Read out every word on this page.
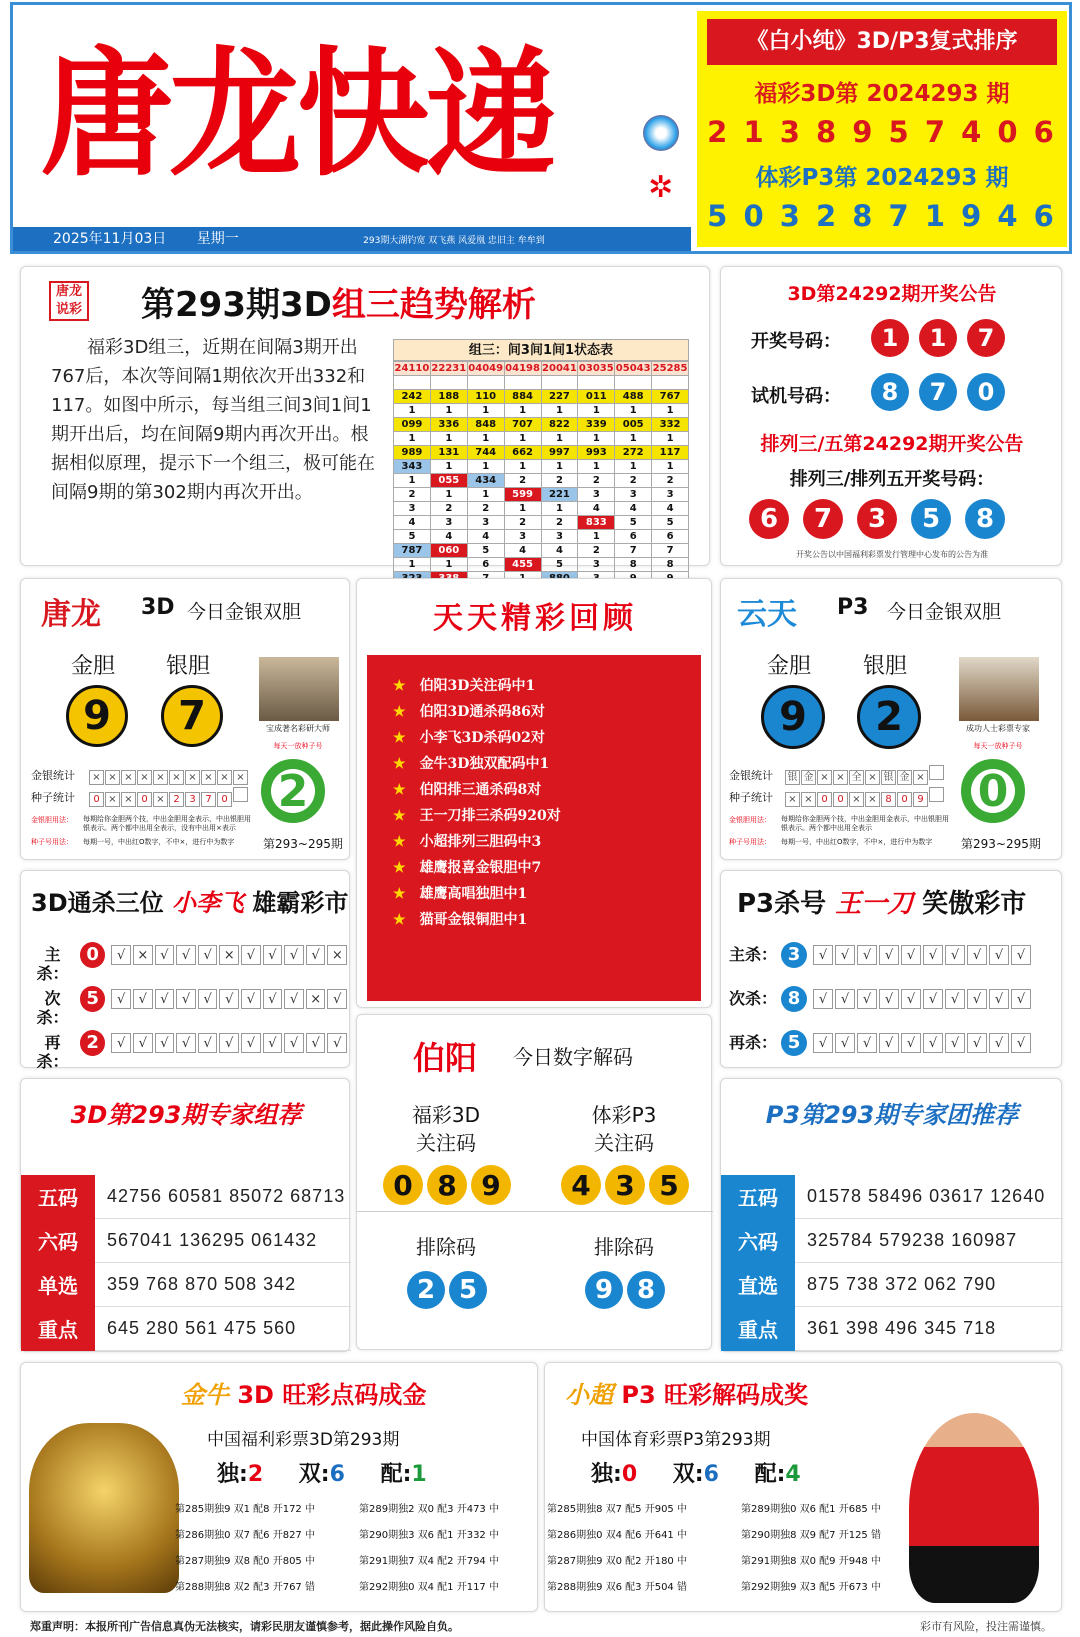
唐龙快递	✲
2025年11月03日 星期一	293期大湖钓宽 双飞燕 风爱凰 忠旧主 牟牟到
《白小纯》3D/P3复式排序
福彩3D第 2024293 期
2 1 3 8 9 5 7 4 0 6
体彩P3第 2024293 期
5 0 3 2 8 7 1 9 4 6
唐龙说彩 第293期3D组三趋势解析
福彩3D组三，近期在间隔3期开出767后，本次等间隔1期依次开出332和117。如图中所示，每当组三间3间1间1期开出后，均在间隔9期内再次开出。根据相似原理，提示下一个组三，极可能在间隔9期的第302期内再次开出。
组三：间3间1间1状态表
24110	22231	04049	04198	20041	03035	05043	25285

242	188	110	884	227	011	488	767
1	1	1	1	1	1	1	1
099	336	848	707	822	339	005	332
1	1	1	1	1	1	1	1
989	131	744	662	997	993	272	117
343	1	1	1	1	1	1	1
1	055	434	2	2	2	2	2
2	1	1	599	221	3	3	3
3	2	2	1	1	4	4	4
4	3	3	2	2	833	5	5
5	4	4	3	3	1	6	6
787	060	5	4	4	2	7	7
1	1	6	455	5	3	8	8

3D第24292期开奖公告
开奖号码：	1	1	7
试机号码：	8	7	0
排列三/五第24292期开奖公告
排列三/排列五开奖号码：
6	7	3	5	8
开奖公告以中国福利彩票发行管理中心发布的公告为准
唐龙 3D 今日金银双胆
金胆 银胆
9	7	宝成著名彩研大师
每天一放种子号
2
金银统计	× × × × × × × × × ×
种子统计	0 × × 0 × 2 3 7 0
金银胆用法： 每期给你金胆两个技，中出金胆用金表示，中出银胆用银表示。两个都中出用全表示，没有中出用×表示
种子号用法： 每期一号，中出红O数字，不中×，进行中为数字	第293~295期
天天精彩回顾
★ 伯阳3D关注码中1
★ 伯阳3D通杀码86对
★ 小李飞3D杀码02对
★ 金牛3D独双配码中1
★ 伯阳排三通杀码8对
★ 王一刀排三杀码920对
★ 小超排列三胆码中3
★ 雄鹰报喜金银胆中7
★ 雄鹰高唱独胆中1
★ 猫哥金银铜胆中1
云天 P3 今日金银双胆
金胆 银胆
9	2	成功人士彩票专家
每天一放种子号
0
金银统计 银 金 × × 全 × 银 金 ×
种子统计	× × 0 0 × × 8 0 9
金银胆用法： 每期给你金胆两个技，中出金胆用金表示，中出银胆用银表示。两个都中出用全表示
种子号用法： 每期一号，中出红O数字，不中×，进行中为数字	第293~295期
3D通杀三位 小李飞 雄霸彩市
主杀：
0	√ × √	√	√ × √	√	√	√ ×
次杀：
5	√	√	√	√	√	√	√	√	√ × √
再杀：
2	√	√	√	√	√	√	√	√	√	√	√
P3杀号 王一刀 笑傲彩市
主杀： 3	√	√	√	√	√	√	√	√	√	√
次杀： 8	√	√	√	√	√	√	√	√	√	√
再杀： 5	√	√	√	√	√	√	√	√	√	√
伯阳 今日数字解码
福彩3D
关注码
0 8 9
体彩P3
关注码
4 3 5
排除码
2 5
排除码
9 8
3D第293期专家组荐
五码	42756 60581 85072 68713
六码	567041 136295 061432
单选	359 768 870 508 342
重点	645 280 561 475 560
P3第293期专家团推荐
五码	01578 58496 03617 12640
六码	325784 579238 160987
直选	875 738 372 062 790
重点	361 398 496 345 718
金牛 3D 旺彩点码成金
中国福利彩票3D第293期
独:2 双:6 配:1
第285期独9 双1 配8 开172 中
第286期独0 双7 配6 开827 中
第287期独9 双8 配0 开805 中
第288期独8 双2 配3 开767 错
第289期独2 双0 配3 开473 中
第290期独3 双6 配1 开332 中
第291期独7 双4 配2 开794 中
第292期独0 双4 配1 开117 中
小超 P3 旺彩解码成奖
中国体育彩票P3第293期
独:0 双:6 配:4
第285期独8 双7 配5 开905 中
第286期独0 双4 配6 开641 中
第287期独9 双0 配2 开180 中
第288期独9 双6 配3 开504 错
第289期独0 双6 配1 开685 中
第290期独8 双9 配7 开125 错
第291期独8 双0 配9 开948 中
第292期独9 双3 配5 开673 中
郑重声明：本报所刊广告信息真伪无法核实，请彩民朋友谨慎参考，据此操作风险自负。	彩市有风险，投注需谨慎。
